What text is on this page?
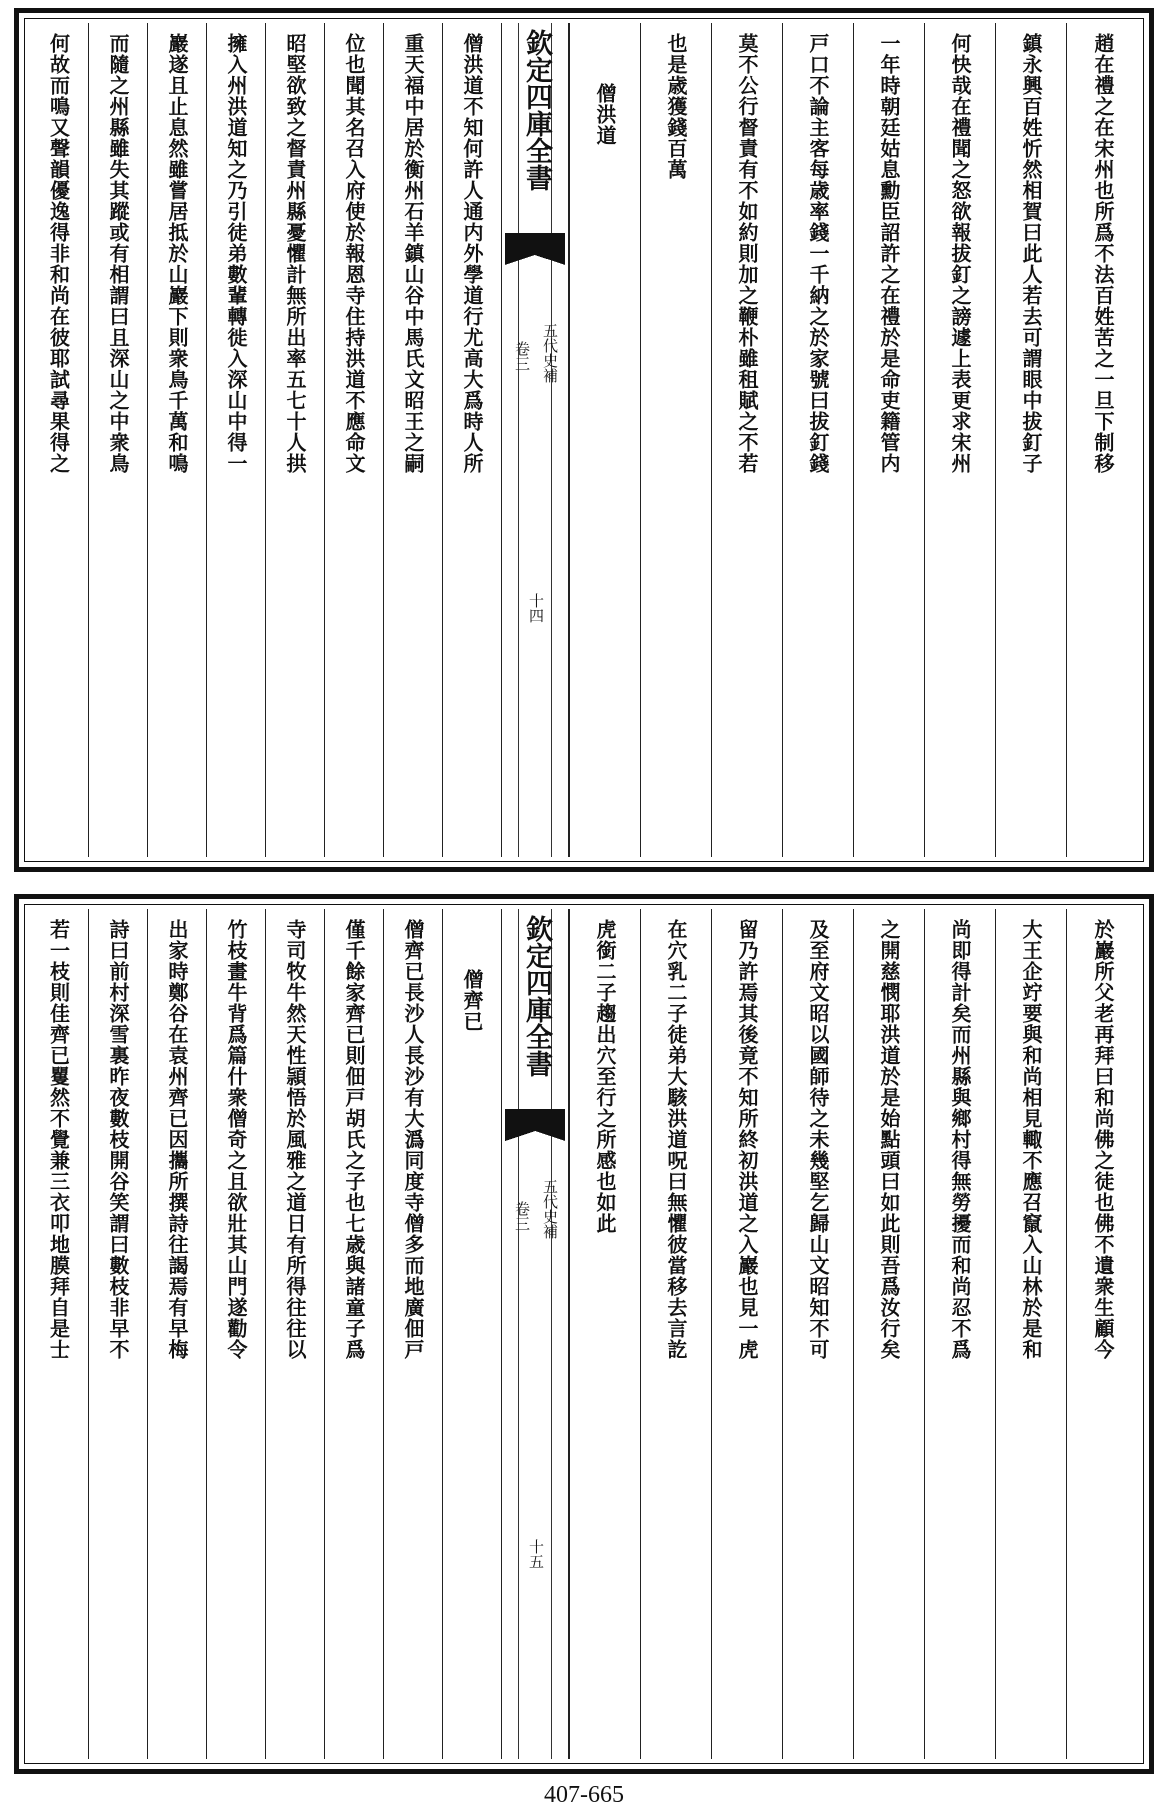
何故而鳴又聲韻優逸得非和尚在彼耶試尋果得之 而隨之州縣雖失其蹤或有相謂曰且深山之中衆鳥 巖遂且止息然雖嘗居抵於山巖下則衆鳥千萬和鳴 擁入州洪道知之乃引徒弟數輩轉徙入深山中得一 昭堅欲致之督責州縣憂懼計無所出率五七十人拱 位也聞其名召入府使於報恩寺住持洪道不應命文 重天福中居於衡州石羊鎮山谷中馬氏文昭王之嗣 僧洪道不知何許人通内外學道行尤高大爲時人所 欽定四庫全書
五代史補
卷三
十四
僧洪道 也是歳獲錢百萬 莫不公行督責有不如約則加之鞭朴雖租賦之不若 戸口不論主客每歳率錢一千納之於家號曰拔釘錢 一年時朝廷姑息勳臣詔許之在禮於是命吏籍管内 何快哉在禮聞之怒欲報拔釘之謗遽上表更求宋州 鎮永興百姓忻然相賀曰此人若去可謂眼中拔釘子 趙在禮之在宋州也所爲不法百姓苦之一旦下制移
若一枝則佳齊已矍然不覺兼三衣叩地膜拜自是士 詩曰前村深雪裏昨夜數枝開谷笑謂曰數枝非早不 出家時鄭谷在袁州齊已因攜所撰詩往謁焉有早梅 竹枝畫牛背爲篇什衆僧奇之且欲壯其山門遂勸令 寺司牧牛然天性頴悟於風雅之道日有所得往往以 僅千餘家齊已則佃戸胡氏之子也七歳與諸童子爲 僧齊已長沙人長沙有大潙同度寺僧多而地廣佃戸 僧齊已 欽定四庫全書
五代史補
卷三
十五
虎銜二子趨出穴至行之所感也如此 在穴乳二子徒弟大駭洪道呪曰無懼彼當移去言訖 留乃許焉其後竟不知所終初洪道之入巖也見一虎 及至府文昭以國師待之未幾堅乞歸山文昭知不可 之開慈憫耶洪道於是始點頭曰如此則吾爲汝行矣 尚即得計矣而州縣與鄉村得無勞擾而和尚忍不爲 大王企竚要與和尚相見輙不應召竄入山林於是和 於巖所父老再拜曰和尚佛之徒也佛不遺衆生顧今
407-665
